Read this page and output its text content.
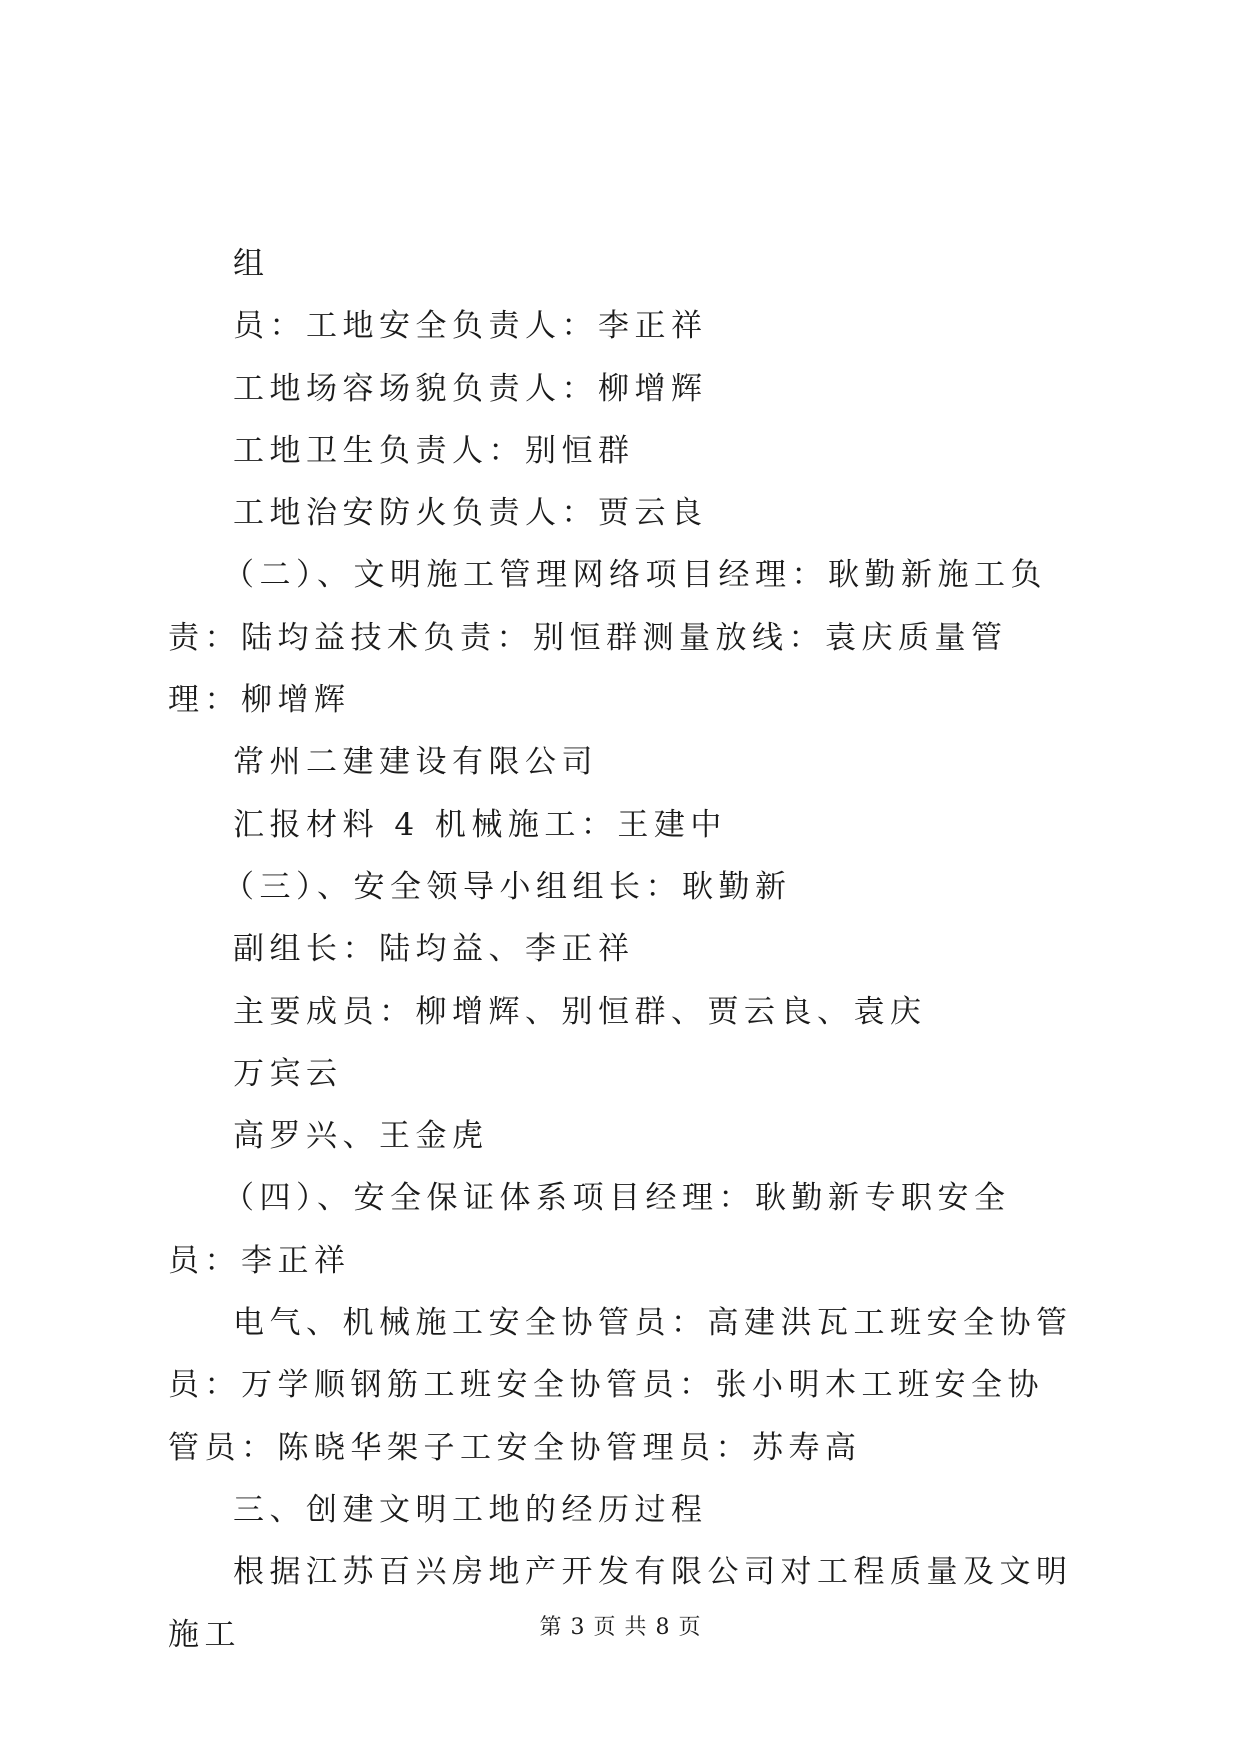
组

员：工地安全负责人：李正祥

工地场容场貌负责人：柳增辉

工地卫生负责人：别恒群

工地治安防火负责人：贾云良

（二）、文明施工管理网络项目经理：耿勤新施工负责：陆均益技术负责：别恒群测量放线：袁庆质量管理：柳增辉

常州二建建设有限公司

汇报材料 4 机械施工：王建中

（三）、安全领导小组组长：耿勤新

副组长：陆均益、李正祥

主要成员：柳增辉、别恒群、贾云良、袁庆

万宾云

高罗兴、王金虎

（四）、安全保证体系项目经理：耿勤新专职安全员：李正祥

电气、机械施工安全协管员：高建洪瓦工班安全协管员：万学顺钢筋工班安全协管员：张小明木工班安全协管员：陈晓华架子工安全协管理员：苏寿高

三、创建文明工地的经历过程

根据江苏百兴房地产开发有限公司对工程质量及文明施工	第 3 页 共 8 页
